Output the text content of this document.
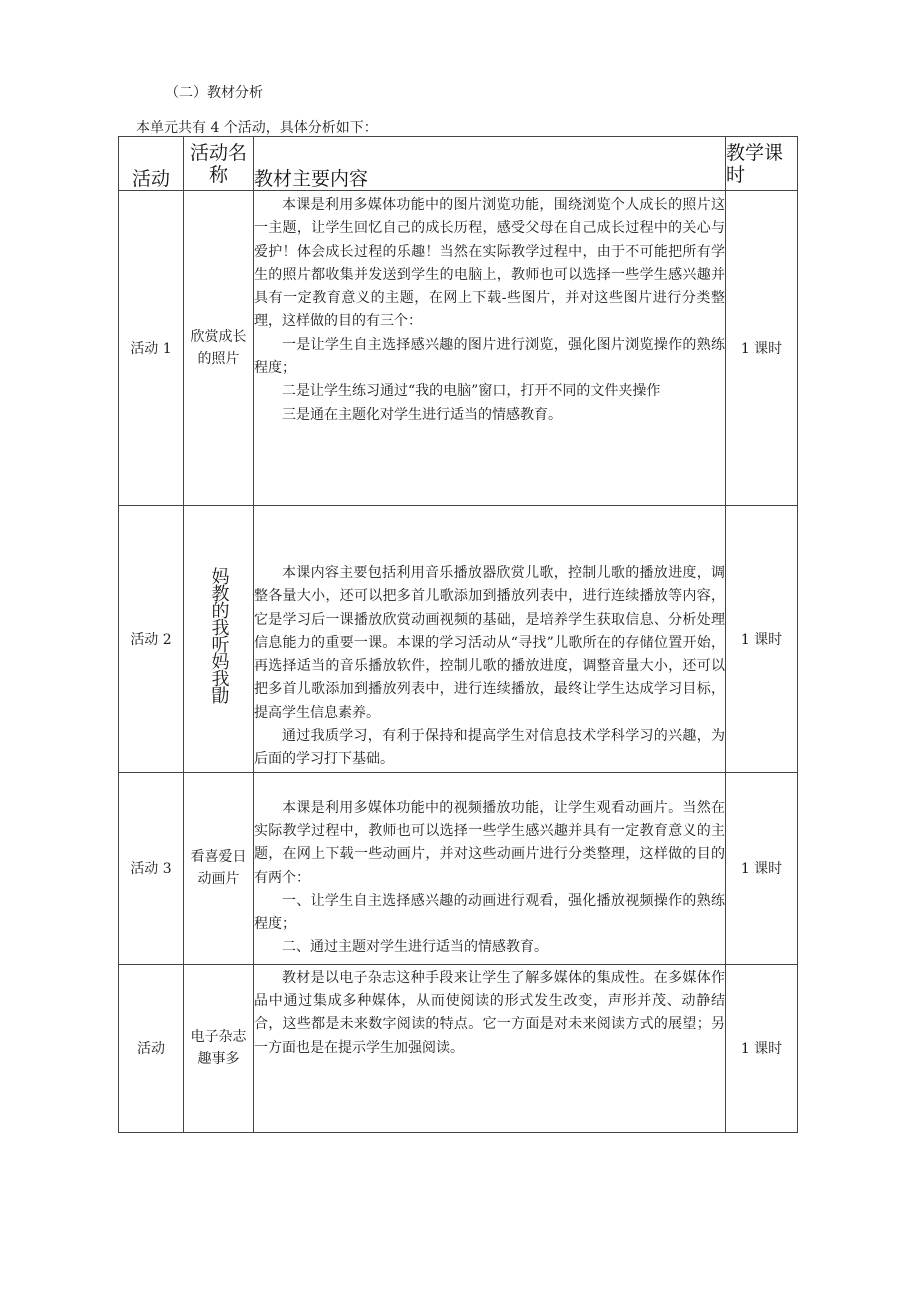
（二）教材分析
本单元共有 4 个活动，具体分析如下：
活动	活动名称	教材主要内容	教学课时
活动 1	欣赏成长的照片	本课是利用多媒体功能中的图片浏览功能，围绕浏览个人成长的照片这一主题，让学生回忆自己的成长历程，感受父母在自己成长过程中的关心与爱护！体会成长过程的乐趣！当然在实际教学过程中，由于不可能把所有学生的照片都收集并发送到学生的电脑上，教师也可以选择一些学生感兴趣并具有一定教育意义的主题，在网上下载-些图片，并对这些图片进行分类整理，这样做的目的有三个：

一是让学生自主选择感兴趣的图片进行浏览，强化图片浏览操作的熟练程度；

二是让学生练习通过“我的电脑”窗口，打开不同的文件夹操作

三是通在主题化对学生进行适当的情感教育。	1 课时
活动 2	妈教的我听妈我勖	本课内容主要包括利用音乐播放器欣赏儿歌，控制儿歌的播放进度，调整各量大小，还可以把多首儿歌添加到播放列表中，进行连续播放等内容，它是学习后一课播放欣赏动画视频的基础，是培养学生获取信息、分析处理信息能力的重要一课。本课的学习活动从“寻找”儿歌所在的存储位置开始，再选择适当的音乐播放软件，控制儿歌的播放进度，调整音量大小，还可以把多首儿歌添加到播放列表中，进行连续播放，最终让学生达成学习目标，提高学生信息素养。

通过我质学习，有利于保持和提高学生对信息技术学科学习的兴趣，为后面的学习打下基础。	1 课时
活动 3	看喜爱日动画片	本课是利用多媒体功能中的视频播放功能，让学生观看动画片。当然在实际教学过程中，教师也可以选择一些学生感兴趣并具有一定教育意义的主题，在网上下载一些动画片，并对这些动画片进行分类整理，这样做的目的有两个：

一、让学生自主选择感兴趣的动画进行观看，强化播放视频操作的熟练程度；

二、通过主题对学生进行适当的情感教育。	1 课时
活动	电子杂志趣事多	教材是以电子杂志这种手段来让学生了解多媒体的集成性。在多媒体作品中通过集成多种媒体，从而使阅读的形式发生改变，声形并茂、动静结合，这些都是未来数字阅读的特点。它一方面是对未来阅读方式的展望；另一方面也是在提示学生加强阅读。	1 课时
